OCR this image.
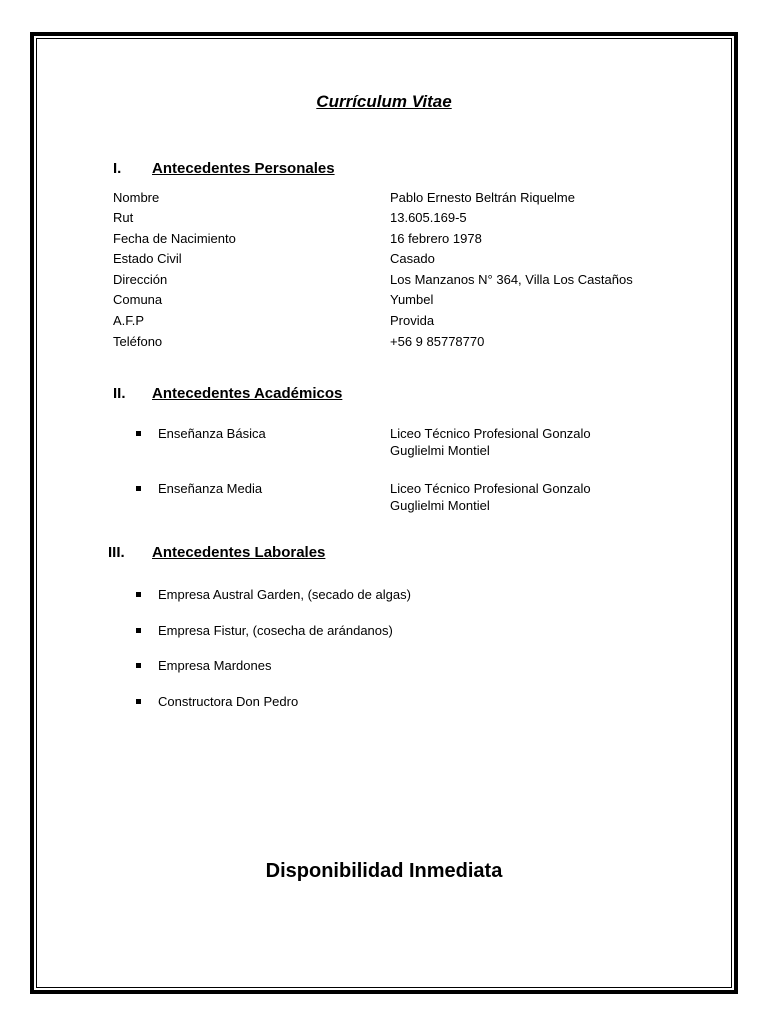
Currículum Vitae
I. Antecedentes Personales
Nombre	Pablo Ernesto Beltrán Riquelme
Rut	13.605.169-5
Fecha de Nacimiento	16 febrero 1978
Estado Civil	Casado
Dirección	Los Manzanos N° 364, Villa Los Castaños
Comuna	Yumbel
A.F.P	Provida
Teléfono	+56 9 85778770
II. Antecedentes Académicos
Enseñanza Básica	Liceo Técnico Profesional Gonzalo
Guglielmi Montiel
Enseñanza Media	Liceo Técnico Profesional Gonzalo
Guglielmi Montiel
III. Antecedentes Laborales
Empresa Austral Garden, (secado de algas)
Empresa Fistur, (cosecha de arándanos)
Empresa Mardones
Constructora Don Pedro
Disponibilidad Inmediata
